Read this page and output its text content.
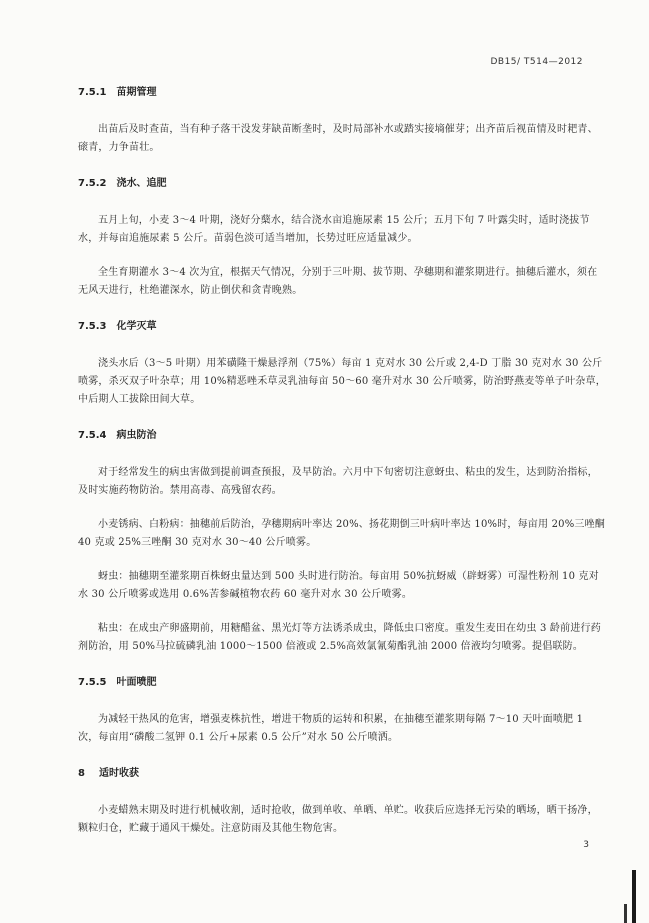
DB15/ T514—2012
7.5.1 苗期管理

出苗后及时查苗，当有种子落干没发芽缺苗断垄时，及时局部补水或踏实接墒催芽；出齐苗后视苗情及时耙青、磙青，力争苗壮。

7.5.2 浇水、追肥

五月上旬，小麦 3～4 叶期，浇好分蘖水，结合浇水亩追施尿素 15 公斤；五月下旬 7 叶露尖时，适时浇拔节水，并每亩追施尿素 5 公斤。苗弱色淡可适当增加，长势过旺应适量减少。

全生育期灌水 3～4 次为宜，根据天气情况，分别于三叶期、拔节期、孕穗期和灌浆期进行。抽穗后灌水，须在无风天进行，杜绝灌深水，防止倒伏和贪青晚熟。

7.5.3 化学灭草

浇头水后（3～5 叶期）用苯磺隆干燥悬浮剂（75%）每亩 1 克对水 30 公斤或 2,4-D 丁脂 30 克对水 30 公斤喷雾，杀灭双子叶杂草；用 10%精恶唑禾草灵乳油每亩 50～60 毫升对水 30 公斤喷雾，防治野燕麦等单子叶杂草，中后期人工拔除田间大草。

7.5.4 病虫防治

对于经常发生的病虫害做到提前调查预报，及早防治。六月中下旬密切注意蚜虫、粘虫的发生，达到防治指标，及时实施药物防治。禁用高毒、高残留农药。

小麦锈病、白粉病：抽穗前后防治，孕穗期病叶率达 20%、扬花期倒三叶病叶率达 10%时，每亩用 20%三唑酮 40 克或 25%三唑酮 30 克对水 30～40 公斤喷雾。

蚜虫：抽穗期至灌浆期百株蚜虫量达到 500 头时进行防治。每亩用 50%抗蚜威（辟蚜雾）可湿性粉剂 10 克对水 30 公斤喷雾或选用 0.6%苦参碱植物农药 60 毫升对水 30 公斤喷雾。

粘虫：在成虫产卵盛期前，用糖醋盆、黑光灯等方法诱杀成虫，降低虫口密度。重发生麦田在幼虫 3 龄前进行药剂防治，用 50%马拉硫磷乳油 1000～1500 倍液或 2.5%高效氯氰菊酯乳油 2000 倍液均匀喷雾。提倡联防。

7.5.5 叶面喷肥

为减轻干热风的危害，增强麦株抗性，增进干物质的运转和积累，在抽穗至灌浆期每隔 7～10 天叶面喷肥 1 次，每亩用“磷酸二氢钾 0.1 公斤+尿素 0.5 公斤”对水 50 公斤喷洒。

8 适时收获

小麦蜡熟末期及时进行机械收割，适时抢收，做到单收、单晒、单贮。收获后应选择无污染的晒场，晒干扬净，颗粒归仓，贮藏于通风干燥处。注意防雨及其他生物危害。

3
